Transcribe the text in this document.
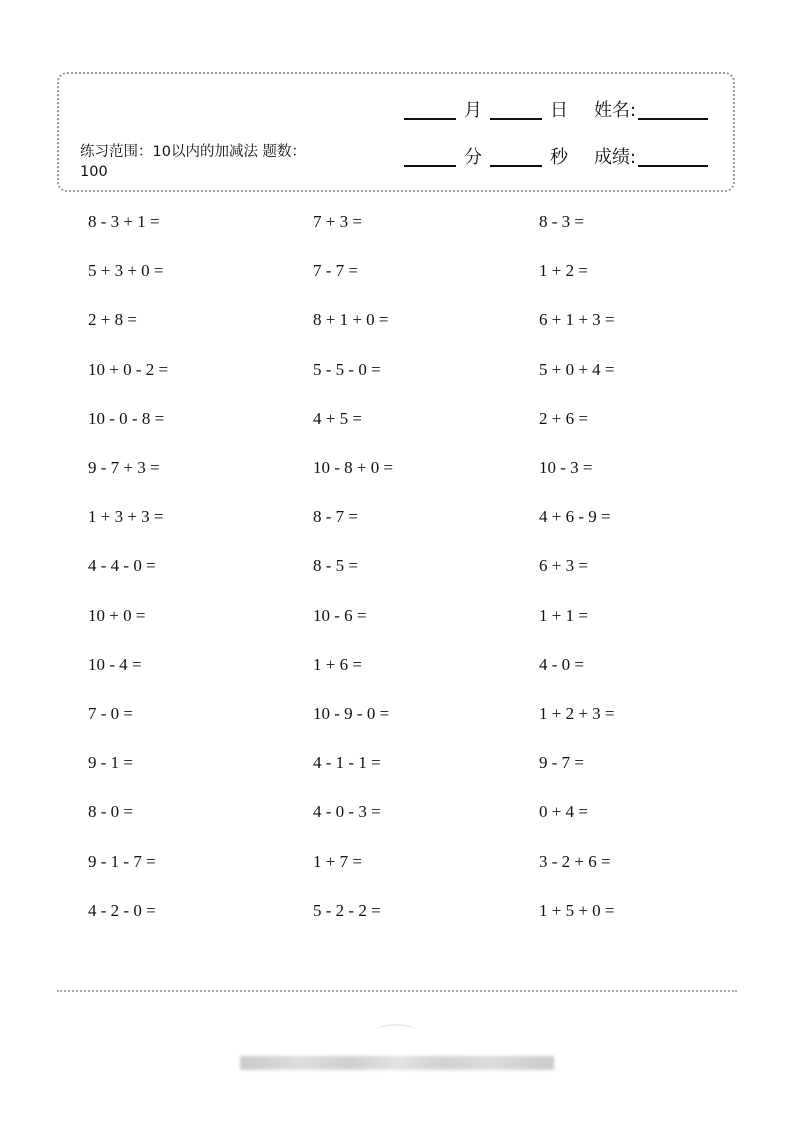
月	日 姓名:
分	秒 成绩:
练习范围：10以内的加减法 题数：100
8 - 3 + 1 =
5 + 3 + 0 =
2 + 8 =
10 + 0 - 2 =
10 - 0 - 8 =
9 - 7 + 3 =
1 + 3 + 3 =
4 - 4 - 0 =
10 + 0 =
10 - 4 =
7 - 0 =
9 - 1 =
8 - 0 =
9 - 1 - 7 =
4 - 2 - 0 =
7 + 3 =
7 - 7 =
8 + 1 + 0 =
5 - 5 - 0 =
4 + 5 =
10 - 8 + 0 =
8 - 7 =
8 - 5 =
10 - 6 =
1 + 6 =
10 - 9 - 0 =
4 - 1 - 1 =
4 - 0 - 3 =
1 + 7 =
5 - 2 - 2 =
8 - 3 =
1 + 2 =
6 + 1 + 3 =
5 + 0 + 4 =
2 + 6 =
10 - 3 =
4 + 6 - 9 =
6 + 3 =
1 + 1 =
4 - 0 =
1 + 2 + 3 =
9 - 7 =
0 + 4 =
3 - 2 + 6 =
1 + 5 + 0 =
